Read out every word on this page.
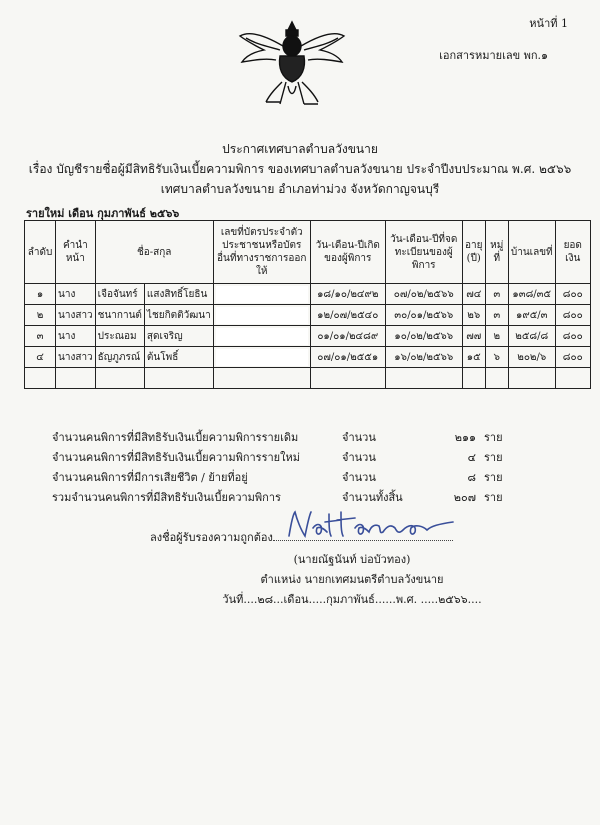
หน้าที่ 1
เอกสารหมายเลข พก.๑
ประกาศเทศบาลตำบลวังขนาย
เรื่อง บัญชีรายชื่อผู้มีสิทธิรับเงินเบี้ยความพิการ ของเทศบาลตำบลวังขนาย ประจำปีงบประมาณ พ.ศ. ๒๕๖๖
เทศบาลตำบลวังขนาย อำเภอท่าม่วง จังหวัดกาญจนบุรี
รายใหม่ เดือน กุมภาพันธ์ ๒๕๖๖
ลำดับ	คำนำหน้า	ชื่อ-สกุล		เลขที่บัตรประจำตัวประชาชนหรือบัตรอื่นที่ทางราชการออกให้	วัน-เดือน-ปีเกิดของผู้พิการ	วัน-เดือน-ปีที่จดทะเบียนของผู้พิการ	อายุ (ปี)	หมู่ที่	บ้านเลขที่	ยอดเงิน
๑	นาง	เจือจันทร์	แสงสิทธิ์โยธิน		๑๘/๑๐/๒๔๙๒	๐๗/๐๒/๒๕๖๖	๗๔	๓	๑๓๘/๓๕	๘๐๐
๒	นางสาว	ชนากานต์	ไชยกิตติวัฒนา		๑๒/๐๗/๒๕๔๐	๓๐/๐๑/๒๕๖๖	๒๖	๓	๑๙๕/๓	๘๐๐
๓	นาง	ประณอม	สุดเจริญ		๐๑/๐๑/๒๔๘๙	๑๐/๐๒/๒๕๖๖	๗๗	๒	๒๕๘/๘	๘๐๐
๔	นางสาว	ธัญภูภรณ์	ต้นโพธิ์		๐๗/๐๑/๒๕๕๑	๑๖/๐๒/๒๕๖๖	๑๕	๖	๒๐๒/๖	๘๐๐

จำนวนคนพิการที่มีสิทธิรับเงินเบี้ยความพิการรายเดิม	จำนวน	๒๑๑ ราย
จำนวนคนพิการที่มีสิทธิรับเงินเบี้ยความพิการรายใหม่	จำนวน	๔ ราย
จำนวนคนพิการที่มีการเสียชีวิต / ย้ายที่อยู่	จำนวน	๘ ราย
รวมจำนวนคนพิการที่มีสิทธิรับเงินเบี้ยความพิการ	จำนวนทั้งสิ้น	๒๐๗ ราย
ลงชื่อผู้รับรองความถูกต้อง
(นายณัฐนันท์ บ่อบัวทอง)
ตำแหน่ง นายกเทศมนตรีตำบลวังขนาย
วันที่....๒๘...เดือน.....กุมภาพันธ์......พ.ศ. .....๒๕๖๖....
